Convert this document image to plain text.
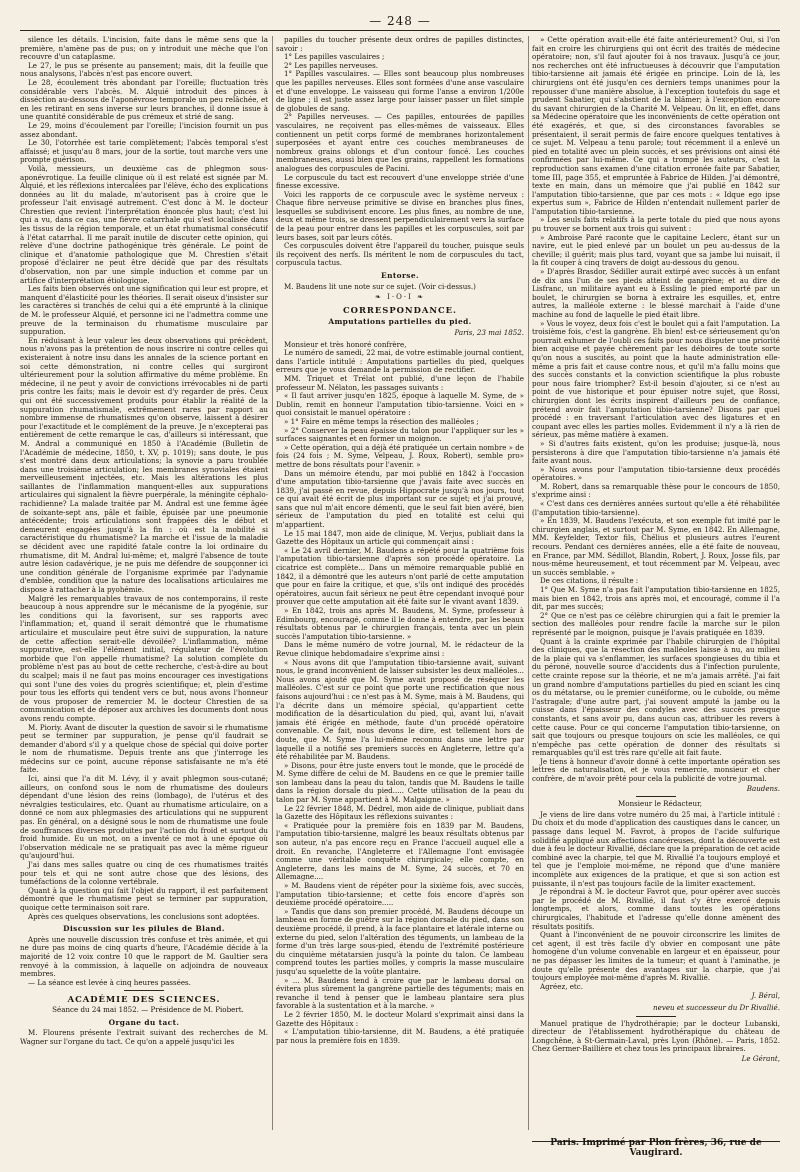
— 248 —

silence les détails. L'incision, faite dans le même sens que la première, n'amène pas de pus; on y introduit une mèche que l'on recouvre d'un cataplasme.

Le 27, le pus se présente au pansement; mais, dit la feuille que nous analysons, l'abcès n'est pas encore ouvert.

Le 28, écoulement très abondant par l'oreille; fluctuation très considérable vers l'abcès. M. Alquié introduit des pinces à disséction au-dessous de l'aponévrose temporale un peu relâchée, et en les retirant en sens inverse sur leurs branches, il donne issue à une quantité considérable de pus crémeux et strié de sang.

Le 29, moins d'écoulement par l'oreille; l'incision fournit un pus assez abondant.

Le 30, l'otorrhée est tarie complètement; l'abcès temporal s'est affaissé; et jusqu'au 8 mars, jour de la sortie, tout marche vers une prompte guérison.

Voilà, messieurs, un deuxième cas de phlegmon sous-aponévrotique. La feuille clinique où il est relaté est signée par M. Alquié, et les réflexions intercalées par l'élève, écho des explications données au lit du malade, m'autorisent pas à croire que le professeur l'ait envisagé autrement. C'est donc à M. le docteur Chrestien que revient l'interprétation énoncée plus haut; c'est lui qui a vu, dans ce cas, une fièvre catarrhale qui s'est localisée dans les tissus de la région temporale, et un état rhumatismal consécutif à l'état catarrhal. Il me paraît inutile de discuter cette opinion, qui relève d'une doctrine pathogénique très générale. Le point de clinique et d'anatomie pathologique que M. Chrestien s'était proposé d'éclairer ne peut être décidé que par des résultats d'observation, non par une simple induction et comme par un artifice d'interprétation étiologique.

Les faits bien observés ont une signification qui leur est propre, et manquent d'élasticité pour les théories. Il serait oiseux d'insister sur les caractères si tranchés de celui qui a été emprunté à la clinique de M. le professeur Alquié, et personne ici ne l'admettra comme une preuve de la terminaison du rhumatisme musculaire par suppuration.

En réduisant à leur valeur les deux observations qui précèdent, nous n'avons pas la prétention de nous inscrire ni contre celles qui existeraient à notre insu dans les annales de la science portant en soi cette démonstration, ni contre celles qui surgiront ultérieurement pour la solution affirmative du même problème. En médecine, il ne peut y avoir de convictions irrévocables ni de parti pris contre les faits; mais le devoir est d'y regarder de près. Ceux qui ont été successivement produits pour établir la réalité de la suppuration rhumatismale, extrêmement rares par rapport au nombre immense de rhumatismes qu'on observe, laissent à désirer pour l'exactitude et le complément de la preuve. Je n'excepterai pas entièrement de cette remarque le cas, d'ailleurs si intéressant, que M. Andral a communiqué en 1850 à l'Académie (Bulletin de l'Académie de médecine, 1850, t. XV, p. 1019); sans doute, le pus s'est montré dans deux articulations; la synovie a paru troublée dans une troisième articulation; les membranes synoviales étaient merveilleusement injectées, etc. Mais les altérations les plus saillantes de l'inflammation manquent-elles aux suppurations articulaires qui signalent la fièvre puerpérale, la méningite céphalo-rachidienne? La malade traitée par M. Andral est une femme âgée de soixante-sept ans, pâle et faible, épuisée par une pneumonie antécédente; trois articulations sont frappées dès le début et demeurent engagées jusqu'à la fin : où est la mobilité si caractéristique du rhumatisme? La marche et l'issue de la maladie se décident avec une rapidité fatale contre la loi ordinaire du rhumatisme, dit M. Andral lui-même; et, malgré l'absence de toute autre lésion cadavérique, je ne puis me défendre de soupçonner ici une condition générale de l'organisme exprimée par l'adynamie d'emblée, condition que la nature des localisations articulaires me dispose à rattacher à la pyohémie.

Malgré les remarquables travaux de nos contemporains, il reste beaucoup à nous apprendre sur le mécanisme de la pyogénie, sur les conditions qui la favorisent, sur ses rapports avec l'inflammation; et, quand il serait démontré que le rhumatisme articulaire et musculaire peut être suivi de suppuration, la nature de cette affection serait-elle dévoilée? L'inflammation, même suppurative, est-elle l'élément initial, régulateur de l'évolution morbide que l'on appelle rhumatisme? La solution complète du problème n'est pas au bout de cette recherche, c'est-à-dire au bout du scalpel; mais il ne faut pas moins encourager ces investigations qui sont l'une des voies du progrès scientifique; et, plein d'estime pour tous les efforts qui tendent vers ce but, nous avons l'honneur de vous proposer de remercier M. le docteur Chrestien de sa communication et de déposer aux archives les documents dont nous avons rendu compte.

M. Pioriy. Avant de discuter la question de savoir si le rhumatisme peut se terminer par suppuration, je pense qu'il faudrait se demander d'abord s'il y a quelque chose de spécial qui doive porter le nom de rhumatisme. Depuis trente ans que j'interroge les médecins sur ce point, aucune réponse satisfaisante ne m'a été faite.

Ici, ainsi que l'a dit M. Lévy, il y avait phlegmon sous-cutané; ailleurs, on confond sous le nom de rhumatisme des douleurs dépendant d'une lésion des reins (lombago), de l'utérus et des névralgies testiculaires, etc. Quant au rhumatisme articulaire, on a donné ce nom aux phlegmasies des articulations qui ne suppurent pas. En général, on a désigné sous le nom de rhumatisme une foule de souffrances diverses produites par l'action du froid et surtout du froid humide. Eu un mot, on a inventé ce mot à une époque où l'observation médicale ne se pratiquait pas avec la même rigueur qu'aujourd'hui.

J'ai dans mes salles quatre ou cinq de ces rhumatismes traités pour tels et qui ne sont autre chose que des lésions, des tuméfactions de la colonne vertébrale.

Quant à la question qui fait l'objet du rapport, il est parfaitement démontré que le rhumatisme peut se terminer par suppuration, quoique cette terminaison soit rare.

Après ces quelques observations, les conclusions sont adoptées.

Discussion sur les pilules de Bland.

Après une nouvelle discussion très confuse et très animée, et qui ne dure pas moins de cinq quarts d'heure, l'Académie décide à la majorité de 12 voix contre 10 que le rapport de M. Gaultier sera renvoyé à la commission, à laquelle on adjoindra de nouveaux membres.

— La séance est levée à cinq heures passées.

ACADÉMIE DES SCIENCES.

Séance du 24 mai 1852. — Présidence de M. Piobert.

Organe du tact.

M. Flourens présente l'extrait suivant des recherches de M. Wagner sur l'organe du tact. Ce qu'on a appelé jusqu'ici les

papilles du toucher présente deux ordres de papilles distinctes, savoir :

1° Les papilles vasculaires ;

2° Les papilles nerveuses.

1° Papilles vasculaires. — Elles sont beaucoup plus nombreuses que les papilles nerveuses. Elles sont formées d'une anse vasculaire et d'une enveloppe. Le vaisseau qui forme l'anse a environ 1/200e de ligne ; il est juste assez large pour laisser passer un filet simple de globules de sang.

2° Papilles nerveuses. — Ces papilles, entourées de papilles vasculaires, ne reçoivent pas elles-mêmes de vaisseaux. Elles contiennent un petit corps formé de membranes horizontalement superposées et ayant entre ces couches membraneuses de nombreux grains oblongs et d'un contour foncé. Les couches membraneuses, aussi bien que les grains, rappellent les formations analogues des corpuscules de Pacini.

Le corpuscule du tact est recouvert d'une enveloppe striée d'une finesse excessive.

Voici les rapports de ce corpuscule avec le système nerveux : Chaque fibre nerveuse primitive se divise en branches plus fines, lesquelles se subdivisent encore. Les plus fines, au nombre de une, deux et même trois, se dressent perpendiculairement vers la surface de la peau pour entrer dans les papilles et les corpuscules, soit par leurs bases, soit par leurs côtés.

Ces corpuscules doivent être l'appareil du toucher, puisque seuls ils reçoivent des nerfs. Ils méritent le nom de corpuscules du tact, corpuscula tactus.

Entorse.

M. Baudens lit une note sur ce sujet. (Voir ci-dessus.)

❧ I·O·I ❧
CORRESPONDANCE.
Amputations partielles du pied.

Paris, 23 mai 1852.

Monsieur et très honoré confrère,

Le numéro de samedi, 22 mai, de votre estimable journal contient, dans l'article intitulé : Amputations partielles du pied, quelques erreurs que je vous demande la permission de rectifier.

MM. Triquet et Trélat ont publié, d'une leçon de l'habile professeur M. Nélaton, les passages suivants :

« Il faut arriver jusqu'en 1825, époque à laquelle M. Syme, de » Dublin, remit en honneur l'amputation tibio-tarsienne. Voici en » quoi consistait le manuel opératoire :

» 1° Faire en même temps la résection des malléoles ;

» 2° Conserver la peau épaisse du talon pour l'appliquer sur les » surfaces saignantes et en former un moignon.

» Cette opération, qui a déjà été pratiquée un certain nombre » de fois (24 fois ; M. Syme, Velpeau, J. Roux, Robert), semble pro» mettre de bons résultats pour l'avenir. »

Dans un mémoire étendu, par moi publié en 1842 à l'occasion d'une amputation tibio-tarsienne que j'avais faite avec succès en 1839, j'ai passé en revue, depuis Hippocrate jusqu'à nos jours, tout ce qui avait été écrit de plus important sur ce sujet; et j'ai prouvé, sans que nul m'ait encore démenti, que le seul fait bien avéré, bien sérieux de l'amputation du pied en totalité est celui qui m'appartient.

Le 15 mai 1847, mon aide de clinique, M. Verjus, publiait dans la Gazette des Hôpitaux un article qui commençait ainsi :

« Le 24 avril dernier, M. Baudens a répété pour la quatrième fois l'amputation tibio-tarsienne d'après son procédé opératoire. La cicatrice est complète... Dans un mémoire remarquable publié en 1842, il a démontré que les auteurs n'ont parlé de cette amputation que pour en faire la critique, et que, s'ils ont indiqué des procédés opératoires, aucun fait sérieux ne peut être cependant invoqué pour prouver que cette amputation ait été faite sur le vivant avant 1839.

» En 1842, trois ans après M. Baudens, M. Syme, professeur à Edimbourg, encouragé, comme il le donne à entendre, par les beaux résultats obtenus par le chirurgien français, tenta avec un plein succès l'amputation tibio-tarsienne. »

Dans le même numéro de votre journal, M. le rédacteur de la Revue clinique hebdomadaire s'exprime ainsi :

« Nous avons dit que l'amputation tibio-tarsienne avait, suivant nous, le grand inconvénient de laisser subsister les deux malléoles... Nous avons ajouté que M. Syme avait proposé de réséquer les malléoles. C'est sur ce point que porte une rectification que nous faisons aujourd'hui : ce n'est pas à M. Syme, mais à M. Baudens, qui l'a décrite dans un mémoire spécial, qu'appartient cette modification de la désarticulation du pied, qui, avant lui, n'avait jamais été érigée en méthode, faute d'un procédé opératoire convenable. Ce fait, nous devons le dire, est tellement hors de doute, que M. Syme l'a lui-même reconnu dans une lettre par laquelle il a notifié ses premiers succès en Angleterre, lettre qu'a été réhabilitée par M. Baudens.

» Disons, pour être juste envers tout le monde, que le procédé de M. Syme diffère de celui de M. Baudens en ce que le premier taille son lambeau dans la peau du talon, tandis que M. Baudens le taille dans la région dorsale du pied..... Cette utilisation de la peau du talon par M. Syme appartient à M. Malgaigne. »

Le 22 février 1848, M. Dédrel, mon aide de clinique, publiait dans la Gazette des Hôpitaux les réflexions suivantes :

« Pratiquée pour la première fois en 1839 par M. Baudens, l'amputation tibio-tarsienne, malgré les beaux résultats obtenus par son auteur, n'a pas encore reçu en France l'accueil auquel elle a droit. En revanche, l'Angleterre et l'Allemagne l'ont envisagée comme une véritable conquête chirurgicale; elle compte, en Angleterre, dans les mains de M. Syme, 24 succès, et 70 en Allemagne....

» M. Baudens vient de répéter pour la sixième fois, avec succès, l'amputation tibio-tarsienne; et cette fois encore d'après son deuxième procédé opératoire.....

» Tandis que dans son premier procédé, M. Baudens découpe un lambeau en forme de guêtre sur la région dorsale du pied, dans son deuxième procédé, il prend, à la face plantaire et latérale interne ou externe du pied, selon l'altération des téguments, un lambeau de la forme d'un très large sous-pied, étendu de l'extrémité postérieure du cinquième métatarsien jusqu'à la pointe du talon. Ce lambeau comprend toutes les parties molles, y compris la masse musculaire jusqu'au squelette de la voûte plantaire.

» ... M. Baudens tend à croire que par le lambeau dorsal on évitera plus sûrement la gangrène partielle des téguments; mais en revanche il tend à penser que le lambeau plantaire sera plus favorable à la sustentation et à la marche. »

Le 2 février 1850, M. le docteur Molard s'exprimait ainsi dans la Gazette des Hôpitaux :

« L'amputation tibio-tarsienne, dit M. Baudens, a été pratiquée par nous la première fois en 1839.

» Cette opération avait-elle été faite antérieurement? Oui, si l'on fait en croire les chirurgiens qui ont écrit des traités de médecine opératoire; non, s'il faut ajouter foi à nos travaux. Jusqu'à ce jour, nos recherches ont été infructueuses à découvrir que l'amputation tibio-tarsienne ait jamais été érigée en principe. Loin de là, les chirurgiens ont été jusqu'en ces derniers temps unanimes pour la repousser d'une manière absolue, à l'exception toutefois du sage et prudent Sabatier, qui s'abstient de la blâmer; à l'exception encore du savant chirurgien de la Charité M. Velpeau. On lit, en effet, dans sa Médecine opératoire que les inconvénients de cette opération ont été exagérés, et que, si des circonstances favorables se présentaient, il serait permis de faire encore quelques tentatives à ce sujet. M. Velpeau a tenu parole; tout récemment il a enlevé un pied en totalité avec un plein succès, et ses prévisions ont ainsi été confirmées par lui-même. Ce qui a trompé les auteurs, c'est la reproduction sans examen d'une citation erronée faite par Sabatier, tome III, page 355, et empruntée à Fabrice de Hilden. J'ai démontré, texte en main, dans un mémoire que j'ai publié en 1842 sur l'amputation tibio-tarsienne, que par ces mots : « Idque ego ipse expertus sum », Fabrice de Hilden n'entendait nullement parler de l'amputation tibio-tarsienne.

» Les seuls faits relatifs à la perte totale du pied que nous ayons pu trouver se bornent aux trois qui suivent :

» Ambroise Paré raconte que le capitaine Leclerc, étant sur un navire, eut le pied enlevé par un boulet un peu au-dessus de la cheville; il guérit; mais plus tard, voyant que sa jambe lui nuisait, il la fit couper à cinq travers de doigt au-dessous du genou.

» D'après Brasdor, Sédiller aurait extirpé avec succès à un enfant de dix ans l'un de ses pieds atteint de gangrène; et au dire de Lisfranc, un militaire ayant eu à Essling le pied emporté par un boulet, le chirurgien se borna à extraire les esquilles, et, entre autres, la malléole externe : le blessé marchait à l'aide d'une machine au fond de laquelle le pied était libre.

» Vous le voyez, deux fois c'est le boulet qui a fait l'amputation. La troisième fois, c'est la gangrène. Eh bien! est-ce sérieusement qu'on pourrait exhumer de l'oubli ces faits pour nous disputer une priorité bien acquise et payée chèrement par les déboires de toute sorte qu'on nous a suscités, au point que la haute administration elle-même a pris fait et cause contre nous, et qu'il m'a fallu moins que des succès constants et la conviction scientifique la plus robuste pour nous faire triompher? Est-il besoin d'ajouter, si ce n'est au point de vue historique et pour épuiser notre sujet, que Rossi, chirurgien dont les écrits inspirent d'ailleurs peu de confiance, prétend avoir fait l'amputation tibio-tarsienne? Disons par quel procédé : en traversant l'articulation avec des ligatures et en coupant avec elles les parties molles. Evidemment il n'y a là rien de sérieux, pas même matière à examen.

» Si d'autres faits existent, qu'on les produise; jusque-là, nous persisterons à dire que l'amputation tibio-tarsienne n'a jamais été faite avant nous.

» Nous avons pour l'amputation tibio-tarsienne deux procédés opératoires. »

M. Robert, dans sa remarquable thèse pour le concours de 1850, s'exprime ainsi :

« C'est dans ces dernières années surtout qu'elle a été réhabilitée (l'amputation tibio-tarsienne).

» En 1839, M. Baudens l'exécuta, et son exemple fut imité par le chirurgien anglais, et surtout par M. Syme, en 1842. En Allemagne, MM. Keyfelder, Textor fils, Chélius et plusieurs autres l'eurent recours. Pendant ces dernières années, elle a été faite de nouveau, en France, par MM. Sédillot, Blandin, Robert, J. Roux, Josse fils, par nous-même heureusement, et tout récemment par M. Velpeau, avec un succès semblable. »

De ces citations, il résulte :

1° Que M. Syme n'a pas fait l'amputation tibio-tarsienne en 1825, mais bien en 1842, trois ans après moi, et encouragé, comme il l'a dit, par mes succès;

2° Que ce n'est pas ce célèbre chirurgien qui a fait le premier la section des malléoles pour rendre facile la marche sur le pilon représenté par le moignon, puisque je l'avais pratiquée en 1839.

Quant à la crainte exprimée par l'habile chirurgien de l'hôpital des cliniques, que la résection des malléoles laisse à nu, au milieu de la plaie qui va s'enflammer, les surfaces spongieuses du tibia et du péroné, nouvelle source d'accidents dus à l'infection purulente, cette crainte repose sur la théorie, et ne m'a jamais arrêté. J'ai fait un grand nombre d'amputations partielles du pied en sciant les cinq os du métatarse, ou le premier cunéiforme, ou le cuboïde, ou même l'astragale; d'une autre part, j'ai souvent amputé la jambe ou la cuisse dans l'épaisseur des condyles avec des succès presque constants, et sans avoir pu, dans aucun cas, attribuer les revers à cette cause. Pour ce qui concerne l'amputation tibio-tarsienne, on sait que toujours ou presque toujours on scie les malléoles, ce qui n'empêche pas cette opération de donner des résultats si remarquables qu'il est très rare qu'elle ait fait faute.

Je tiens à honneur d'avoir donné à cette importante opération ses lettres de naturalisation, et je vous remercie, monsieur et cher confrère, de m'avoir prêté pour cela la publicité de votre journal.

Baudens.

Monsieur le Rédacteur,

Je viens de lire dans votre numéro du 25 mai, à l'article intitulé : Du choix et du mode d'application des caustiques dans le cancer, un passage dans lequel M. Favrot, à propos de l'acide sulfurique solidifié appliqué aux affections cancéreuses, dont la découverte est due à feu le docteur Rivallié, déclare que la préparation de cet acide combiné avec la charpie, tel que M. Rivallié l'a toujours employé et tel que je l'emploie moi-même, ne répond que d'une manière incomplète aux exigences de la pratique, et que si son action est puissante, il n'est pas toujours facile de la limiter exactement.

Je répondrai à M. le docteur Favrot que, pour opérer avec succès par le procédé de M. Rivallié, il faut s'y être exercé depuis longtemps, et alors, comme dans toutes les opérations chirurgicales, l'habitude et l'adresse qu'elle donne amènent des résultats positifs.

Quant à l'inconvénient de ne pouvoir circonscrire les limites de cet agent, il est très facile d'y obvier en composant une pâte homogène d'un volume convenable en largeur et en épaisseur, pour ne pas dépasser les limites de la tumeur; et quant à l'aminathe, je doute qu'elle présente des avantages sur la charpie, que j'ai toujours employée moi-même d'après M. Rivallié.

Agréez, etc.

J. Béral,

neveu et successeur du Dr Rivallié.

Manuel pratique de l'hydrothérapie; par le docteur Lubanski, directeur de l'établissement hydrothérapique du château de Longchêne, à St-Germain-Laval, près Lyon (Rhône). — Paris, 1852. Chez Germer-Baillière et chez tous les principaux libraires.

Le Gérant,

Paris. Imprimé par Plon frères, 36, rue de Vaugirard.
